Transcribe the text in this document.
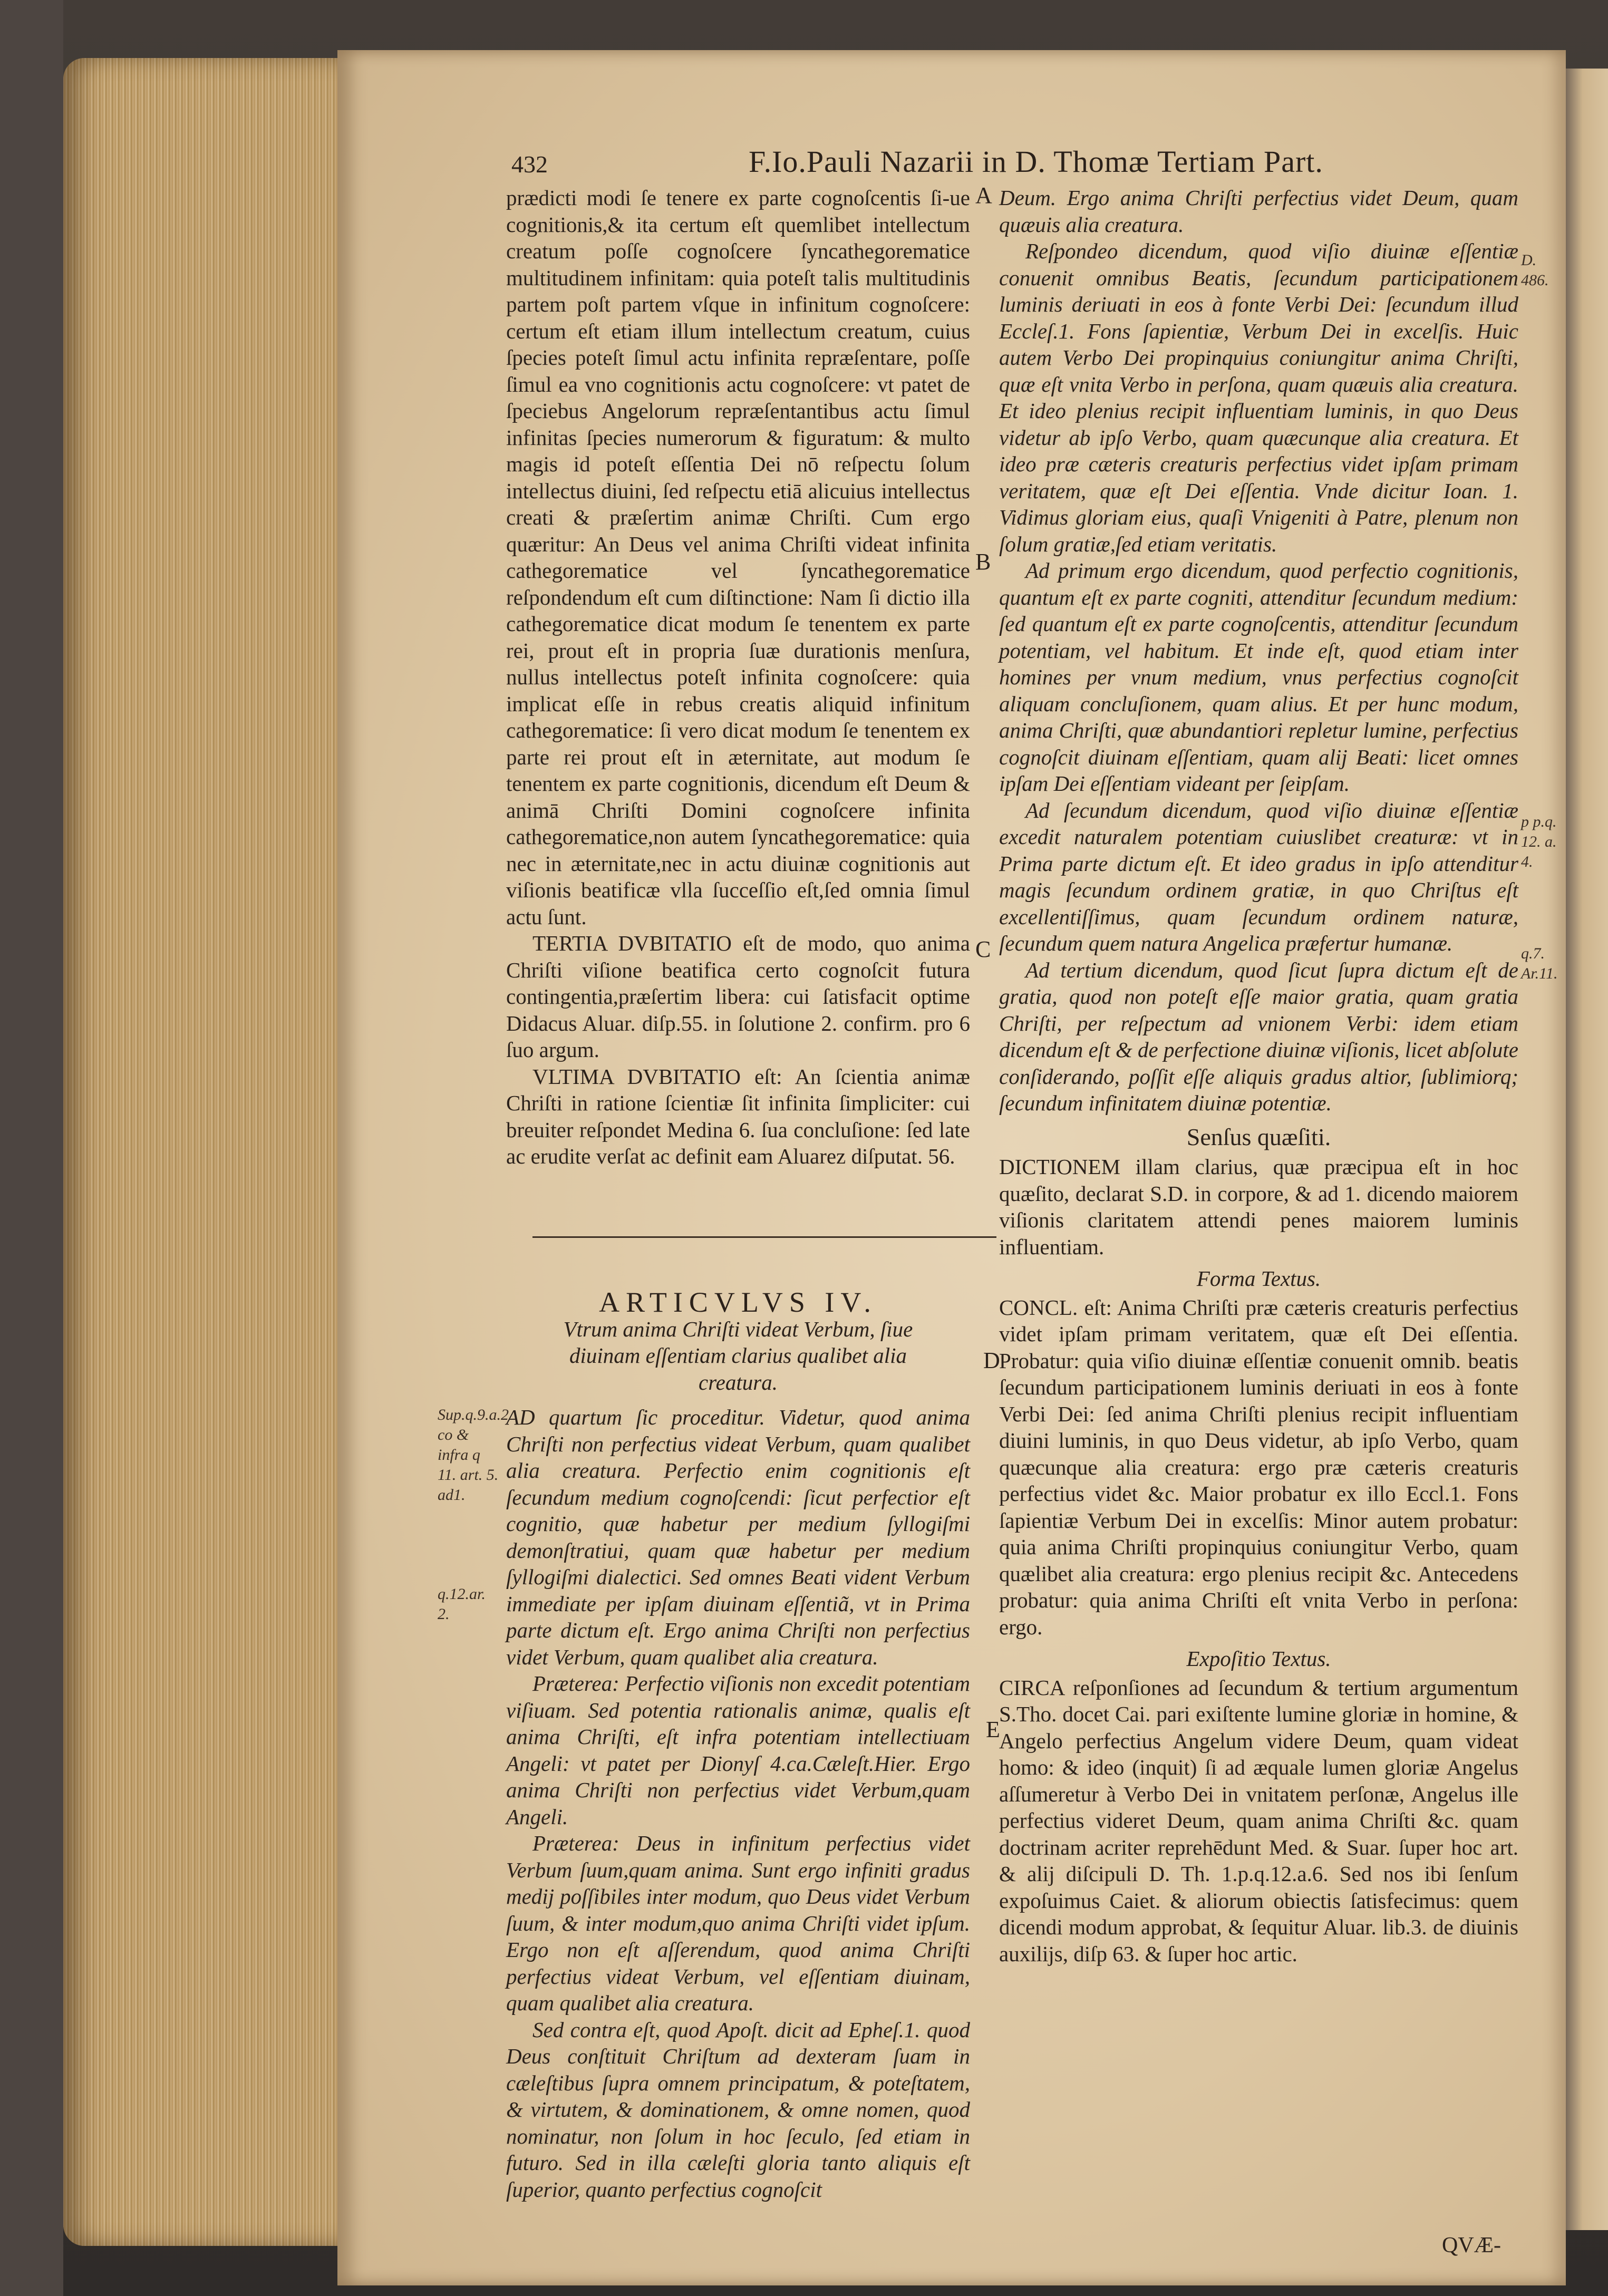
432	F.Io.Pauli Nazarii in D. Thomæ Tertiam Part.

prædicti modi ſe tenere ex parte cognoſcentis ſi‑ue cognitionis,& ita certum eſt quemlibet intellectum creatum poſſe cognoſcere ſyncathegorematice multitudinem infinitam: quia poteſt talis multitudinis partem poſt partem vſque in infinitum cognoſcere: certum eſt etiam illum intellectum creatum, cuius ſpecies poteſt ſimul actu infinita repræſentare, poſſe ſimul ea vno cognitionis actu cognoſcere: vt patet de ſpeciebus Angelorum repræſentantibus actu ſimul infinitas ſpecies numerorum & figuratum: & multo magis id poteſt eſſentia Dei nō reſpectu ſolum intellectus diuini, ſed reſpectu etiā alicuius intellectus creati & præſertim animæ Chriſti. Cum ergo quæritur: An Deus vel anima Chriſti videat infinita cathegorematice vel ſyncathegorematice reſpondendum eſt cum diſtinctione: Nam ſi dictio illa cathegorematice dicat modum ſe tenentem ex parte rei, prout eſt in propria ſuæ durationis menſura, nullus intellectus poteſt infinita cognoſcere: quia implicat eſſe in rebus creatis aliquid infinitum cathegorematice: ſi vero dicat modum ſe tenentem ex parte rei prout eſt in æternitate, aut modum ſe tenentem ex parte cognitionis, dicendum eſt Deum & animā Chriſti Domini cognoſcere infinita cathegorematice,non autem ſyncathegorematice: quia nec in æternitate,nec in actu diuinæ cognitionis aut viſionis beatificæ vlla ſucceſſio eſt,ſed omnia ſimul actu ſunt.

TERTIA DVBITATIO eſt de modo, quo anima Chriſti viſione beatifica certo cognoſcit futura contingentia,præſertim libera: cui ſatisfacit optime Didacus Aluar. diſp.55. in ſolutione 2. confirm. pro 6 ſuo argum.

VLTIMA DVBITATIO eſt: An ſcientia animæ Chriſti in ratione ſcientiæ ſit infinita ſimpliciter: cui breuiter reſpondet Medina 6. ſua concluſione: ſed late ac erudite verſat ac definit eam Aluarez diſputat. 56.

ARTICVLVS IV.

Vtrum anima Chriſti videat Verbum, ſiue diuinam eſſentiam clarius qualibet alia creatura.

AD quartum ſic proceditur. Videtur, quod anima Chriſti non perfectius videat Verbum, quam qualibet alia creatura. Perfectio enim cognitionis eſt ſecundum medium cognoſcendi: ſicut perfectior eſt cognitio, quæ habetur per medium ſyllogiſmi demonſtratiui, quam quæ habetur per medium ſyllogiſmi dialectici. Sed omnes Beati vident Verbum immediate per ipſam diuinam eſſentiã, vt in Prima parte dictum eſt. Ergo anima Chriſti non perfectius videt Verbum, quam qualibet alia creatura.

Præterea: Perfectio viſionis non excedit potentiam viſiuam. Sed potentia rationalis animæ, qualis eſt anima Chriſti, eſt infra potentiam intellectiuam Angeli: vt patet per Dionyſ 4.ca.Cæleſt.Hier. Ergo anima Chriſti non perfectius videt Verbum,quam Angeli.

Præterea: Deus in infinitum perfectius videt Verbum ſuum,quam anima. Sunt ergo infiniti gradus medij poſſibiles inter modum, quo Deus videt Verbum ſuum, & inter modum,quo anima Chriſti videt ipſum. Ergo non eſt aſſerendum, quod anima Chriſti perfectius videat Verbum, vel eſſentiam diuinam, quam qualibet alia creatura.

Sed contra eſt, quod Apoſt. dicit ad Epheſ.1. quod Deus conſtituit Chriſtum ad dexteram ſuam in cæleſtibus ſupra omnem principatum, & poteſtatem, & virtutem, & dominationem, & omne nomen, quod nominatur, non ſolum in hoc ſeculo, ſed etiam in futuro. Sed in illa cæleſti gloria tanto aliquis eſt ſuperior, quanto perfectius cognoſcit

Deum. Ergo anima Chriſti perfectius videt Deum, quam quæuis alia creatura.

Reſpondeo dicendum, quod viſio diuinæ eſſentiæ conuenit omnibus Beatis, ſecundum participationem luminis deriuati in eos à fonte Verbi Dei: ſecundum illud Eccleſ.1. Fons ſapientiæ, Verbum Dei in excelſis. Huic autem Verbo Dei propinquius coniungitur anima Chriſti, quæ eſt vnita Verbo in perſona, quam quæuis alia creatura. Et ideo plenius recipit influentiam luminis, in quo Deus videtur ab ipſo Verbo, quam quæcunque alia creatura. Et ideo præ cæteris creaturis perfectius videt ipſam primam veritatem, quæ eſt Dei eſſentia. Vnde dicitur Ioan. 1. Vidimus gloriam eius, quaſi Vnigeniti à Patre, plenum non ſolum gratiæ,ſed etiam veritatis.

Ad primum ergo dicendum, quod perfectio cognitionis, quantum eſt ex parte cogniti, attenditur ſecundum medium: ſed quantum eſt ex parte cognoſcentis, attenditur ſecundum potentiam, vel habitum. Et inde eſt, quod etiam inter homines per vnum medium, vnus perfectius cognoſcit aliquam concluſionem, quam alius. Et per hunc modum, anima Chriſti, quæ abundantiori repletur lumine, perfectius cognoſcit diuinam eſſentiam, quam alij Beati: licet omnes ipſam Dei eſſentiam videant per ſeipſam.

Ad ſecundum dicendum, quod viſio diuinæ eſſentiæ excedit naturalem potentiam cuiuslibet creaturæ: vt in Prima parte dictum eſt. Et ideo gradus in ipſo attenditur magis ſecundum ordinem gratiæ, in quo Chriſtus eſt excellentiſſimus, quam ſecundum ordinem naturæ, ſecundum quem natura Angelica præfertur humanæ.

Ad tertium dicendum, quod ſicut ſupra dictum eſt de gratia, quod non poteſt eſſe maior gratia, quam gratia Chriſti, per reſpectum ad vnionem Verbi: idem etiam dicendum eſt & de perfectione diuinæ viſionis, licet abſolute conſiderando, poſſit eſſe aliquis gradus altior, ſublimiorq; ſecundum infinitatem diuinæ potentiæ.

Senſus quæſiti.

DICTIONEM illam clarius, quæ præcipua eſt in hoc quæſito, declarat S.D. in corpore, & ad 1. dicendo maiorem viſionis claritatem attendi penes maiorem luminis influentiam.

Forma Textus.

CONCL. eſt: Anima Chriſti præ cæteris creaturis perfectius videt ipſam primam veritatem, quæ eſt Dei eſſentia. Probatur: quia viſio diuinæ eſſentiæ conuenit omnib. beatis ſecundum participationem luminis deriuati in eos à fonte Verbi Dei: ſed anima Chriſti plenius recipit influentiam diuini luminis, in quo Deus videtur, ab ipſo Verbo, quam quæcunque alia creatura: ergo præ cæteris creaturis perfectius videt &c. Maior probatur ex illo Eccl.1. Fons ſapientiæ Verbum Dei in excelſis: Minor autem probatur: quia anima Chriſti propinquius coniungitur Verbo, quam quælibet alia creatura: ergo plenius recipit &c. Antecedens probatur: quia anima Chriſti eſt vnita Verbo in perſona: ergo.

Expoſitio Textus.

CIRCA reſponſiones ad ſecundum & tertium argumentum S.Tho. docet Cai. pari exiſtente lumine gloriæ in homine, & Angelo perfectius Angelum videre Deum, quam videat homo: & ideo (inquit) ſi ad æquale lumen gloriæ Angelus aſſumeretur à Verbo Dei in vnitatem perſonæ, Angelus ille perfectius videret Deum, quam anima Chriſti &c. quam doctrinam acriter reprehēdunt Med. & Suar. ſuper hoc art. & alij diſcipuli D. Th. 1.p.q.12.a.6. Sed nos ibi ſenſum expoſuimus Caiet. & aliorum obiectis ſatisfecimus: quem dicendi modum approbat, & ſequitur Aluar. lib.3. de diuinis auxilijs, diſp 63. & ſuper hoc artic.

A
B
C
D
E
Sup.q.9.a.2 co & infra q 11. art. 5. ad1.
q.12.ar. 2.
D. 486.
p p.q. 12. a. 4.
q.7. Ar.11.
QVÆ-
